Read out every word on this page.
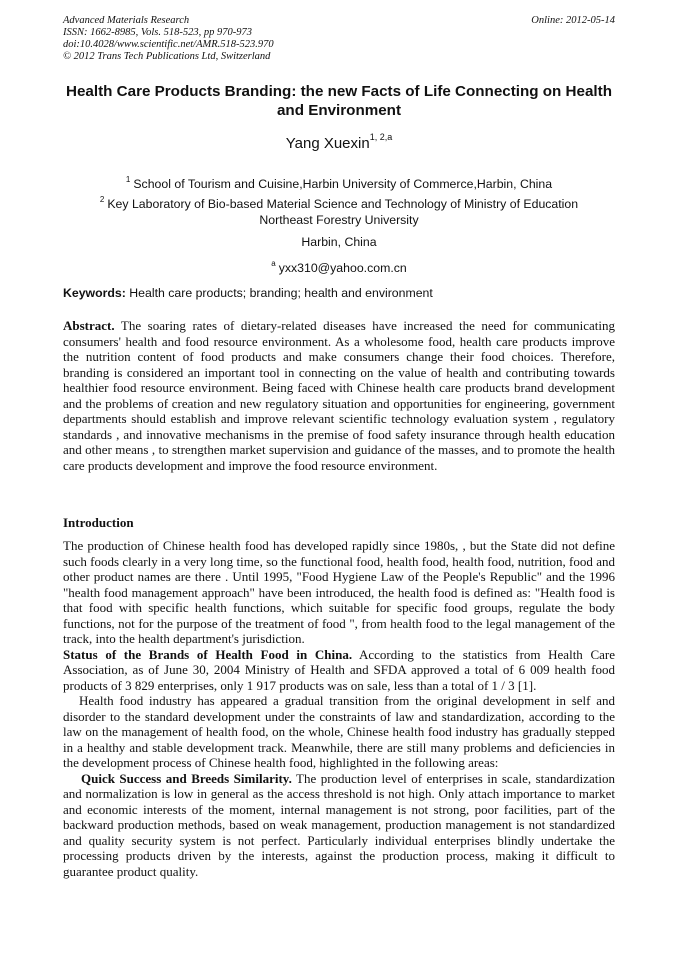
Advanced Materials Research
ISSN: 1662-8985, Vols. 518-523, pp 970-973
doi:10.4028/www.scientific.net/AMR.518-523.970
© 2012 Trans Tech Publications Ltd, Switzerland
Online: 2012-05-14
Health Care Products Branding: the new Facts of Life Connecting on Health and Environment
Yang Xuexin$^{1, 2,a}$
$^1$ School of Tourism and Cuisine,Harbin University of Commerce,Harbin, China
$^2$ Key Laboratory of Bio-based Material Science and Technology of Ministry of Education
Northeast Forestry University
Harbin, China
$^a$ yxx310@yahoo.com.cn
Keywords: Health care products; branding; health and environment
Abstract. The soaring rates of dietary-related diseases have increased the need for communicating consumers' health and food resource environment. As a wholesome food, health care products improve the nutrition content of food products and make consumers change their food choices. Therefore, branding is considered an important tool in connecting on the value of health and contributing towards healthier food resource environment. Being faced with Chinese health care products brand development and the problems of creation and new regulatory situation and opportunities for engineering, government departments should establish and improve relevant scientific technology evaluation system , regulatory standards , and innovative mechanisms in the premise of food safety insurance through health education and other means , to strengthen market supervision and guidance of the masses, and to promote the health care products development and improve the food resource environment.
Introduction

The production of Chinese health food has developed rapidly since 1980s, , but the State did not define such foods clearly in a very long time, so the functional food, health food, health food, nutrition, food and other product names are there . Until 1995, "Food Hygiene Law of the People's Republic" and the 1996 "health food management approach" have been introduced, the health food is defined as: "Health food is that food with specific health functions, which suitable for specific food groups, regulate the body functions, not for the purpose of the treatment of food ", from health food to the legal management of the track, into the health department's jurisdiction.

Status of the Brands of Health Food in China. According to the statistics from Health Care Association, as of June 30, 2004 Ministry of Health and SFDA approved a total of 6 009 health food products of 3 829 enterprises, only 1 917 products was on sale, less than a total of 1 / 3 [1].

Health food industry has appeared a gradual transition from the original development in self and disorder to the standard development under the constraints of law and standardization, according to the law on the management of health food, on the whole, Chinese health food industry has gradually stepped in a healthy and stable development track. Meanwhile, there are still many problems and deficiencies in the development process of Chinese health food, highlighted in the following areas:

Quick Success and Breeds Similarity. The production level of enterprises in scale, standardization and normalization is low in general as the access threshold is not high. Only attach importance to market and economic interests of the moment, internal management is not strong, poor facilities, part of the backward production methods, based on weak management, production management is not standardized and quality security system is not perfect. Particularly individual enterprises blindly undertake the processing products driven by the interests, against the production process, making it difficult to guarantee product quality.
